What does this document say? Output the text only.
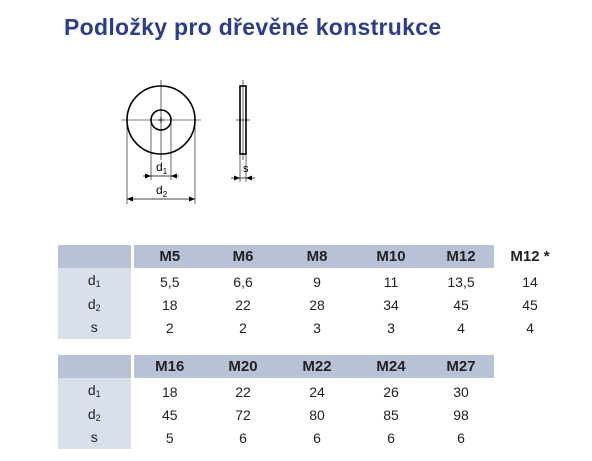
Podložky pro dřevěné konstrukce
$d_1$
$d_2$
s
	M5	M6	M8	M10	M12	M12 *
$d_1$	5,5	6,6	9	11	13,5	14
$d_2$	18	22	28	34	45	45
s	2	2	3	3	4	4
	M16	M20	M22	M24	M27
$d_1$	18	22	24	26	30
$d_2$	45	72	80	85	98
s	5	6	6	6	6
